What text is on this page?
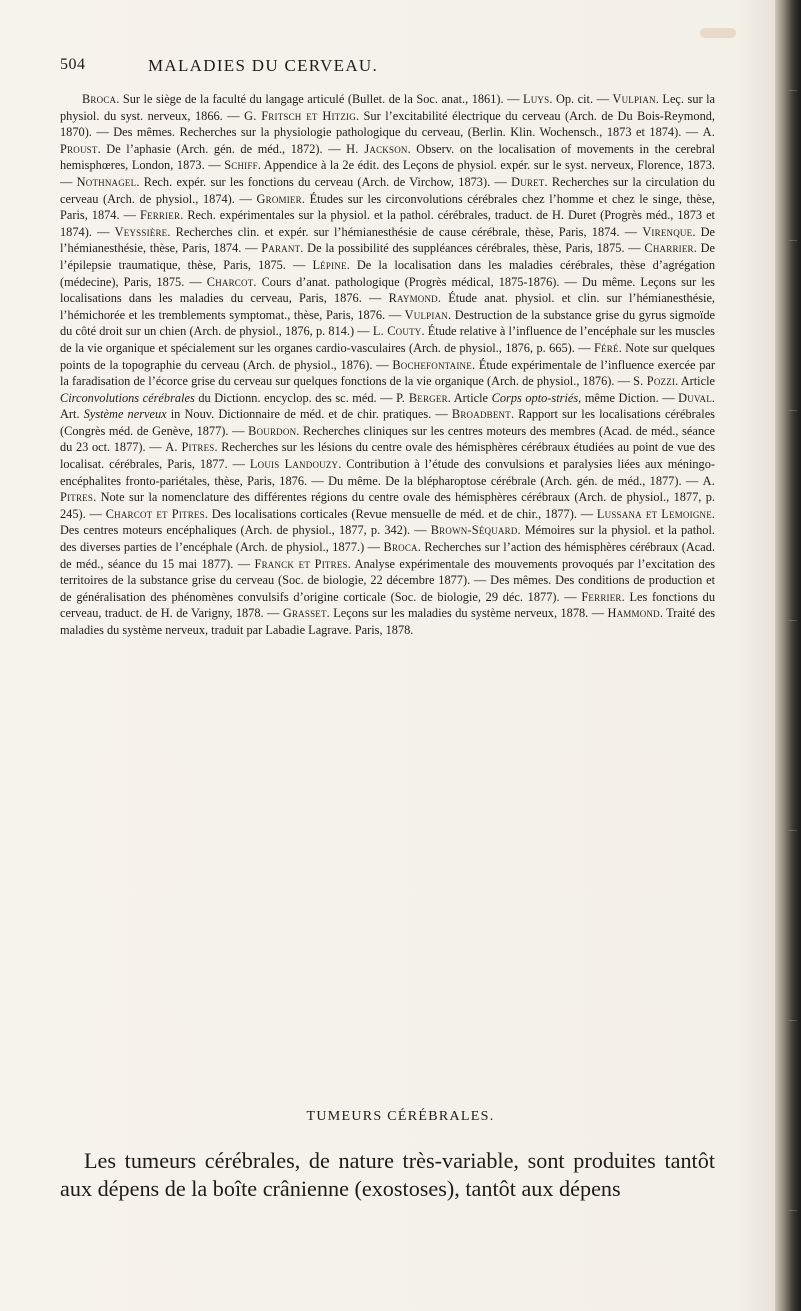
504	MALADIES DU CERVEAU.
Broca. Sur le siège de la faculté du langage articulé (Bullet. de la Soc. anat., 1861). — Luys. Op. cit. — Vulpian. Leç. sur la physiol. du syst. nerveux, 1866. — G. Fritsch et Hitzig. Sur l’excitabilité électrique du cerveau (Arch. de Du Bois-Reymond, 1870). — Des mêmes. Recherches sur la physiologie pathologique du cerveau, (Berlin. Klin. Wochensch., 1873 et 1874). — A. Proust. De l’aphasie (Arch. gén. de méd., 1872). — H. Jackson. Observ. on the localisation of movements in the cerebral hemisphœres, London, 1873. — Schiff. Appendice à la 2e édit. des Leçons de physiol. expér. sur le syst. nerveux, Florence, 1873. — Nothnagel. Rech. expér. sur les fonctions du cerveau (Arch. de Virchow, 1873). — Duret. Recherches sur la circulation du cerveau (Arch. de physiol., 1874). — Gromier. Études sur les circonvolutions cérébrales chez l’homme et chez le singe, thèse, Paris, 1874. — Ferrier. Rech. expérimentales sur la physiol. et la pathol. cérébrales, traduct. de H. Duret (Progrès méd., 1873 et 1874). — Veyssière. Recherches clin. et expér. sur l’hémianesthésie de cause cérébrale, thèse, Paris, 1874. — Virenque. De l’hémianesthésie, thèse, Paris, 1874. — Parant. De la possibilité des suppléances cérébrales, thèse, Paris, 1875. — Charrier. De l’épilepsie traumatique, thèse, Paris, 1875. — Lépine. De la localisation dans les maladies cérébrales, thèse d’agrégation (médecine), Paris, 1875. — Charcot. Cours d’anat. pathologique (Progrès médical, 1875-1876). — Du même. Leçons sur les localisations dans les maladies du cerveau, Paris, 1876. — Raymond. Étude anat. physiol. et clin. sur l’hémianesthésie, l’hémichorée et les tremblements symptomat., thèse, Paris, 1876. — Vulpian. Destruction de la substance grise du gyrus sigmoïde du côté droit sur un chien (Arch. de physiol., 1876, p. 814.) — L. Couty. Étude relative à l’influence de l’encéphale sur les muscles de la vie organique et spécialement sur les organes cardio-vasculaires (Arch. de physiol., 1876, p. 665). — Féré. Note sur quelques points de la topographie du cerveau (Arch. de physiol., 1876). — Bochefontaine. Étude expérimentale de l’influence exercée par la faradisation de l’écorce grise du cerveau sur quelques fonctions de la vie organique (Arch. de physiol., 1876). — S. Pozzi. Article Circonvolutions cérébrales du Dictionn. encyclop. des sc. méd. — P. Berger. Article Corps opto-striés, même Diction. — Duval. Art. Système nerveux in Nouv. Dictionnaire de méd. et de chir. pratiques. — Broadbent. Rapport sur les localisations cérébrales (Congrès méd. de Genève, 1877). — Bourdon. Recherches cliniques sur les centres moteurs des membres (Acad. de méd., séance du 23 oct. 1877). — A. Pitres. Recherches sur les lésions du centre ovale des hémisphères cérébraux étudiées au point de vue des localisat. cérébrales, Paris, 1877. — Louis Landouzy. Contribution à l’étude des convulsions et paralysies liées aux méningo-encéphalites fronto-pariétales, thèse, Paris, 1876. — Du même. De la blépharoptose cérébrale (Arch. gén. de méd., 1877). — A. Pitres. Note sur la nomenclature des différentes régions du centre ovale des hémisphères cérébraux (Arch. de physiol., 1877, p. 245). — Charcot et Pitres. Des localisations corticales (Revue mensuelle de méd. et de chir., 1877). — Lussana et Lemoigne. Des centres moteurs encéphaliques (Arch. de physiol., 1877, p. 342). — Brown-Séquard. Mémoires sur la physiol. et la pathol. des diverses parties de l’encéphale (Arch. de physiol., 1877.) — Broca. Recherches sur l’action des hémisphères cérébraux (Acad. de méd., séance du 15 mai 1877). — Franck et Pitres. Analyse expérimentale des mouvements provoqués par l’excitation des territoires de la substance grise du cerveau (Soc. de biologie, 22 décembre 1877). — Des mêmes. Des conditions de production et de généralisation des phénomènes convulsifs d’origine corticale (Soc. de biologie, 29 déc. 1877). — Ferrier. Les fonctions du cerveau, traduct. de H. de Varigny, 1878. — Grasset. Leçons sur les maladies du système nerveux, 1878. — Hammond. Traité des maladies du système nerveux, traduit par Labadie Lagrave. Paris, 1878.
TUMEURS CÉRÉBRALES.
Les tumeurs cérébrales, de nature très-variable, sont produites tantôt aux dépens de la boîte crânienne (exostoses), tantôt aux dépens
